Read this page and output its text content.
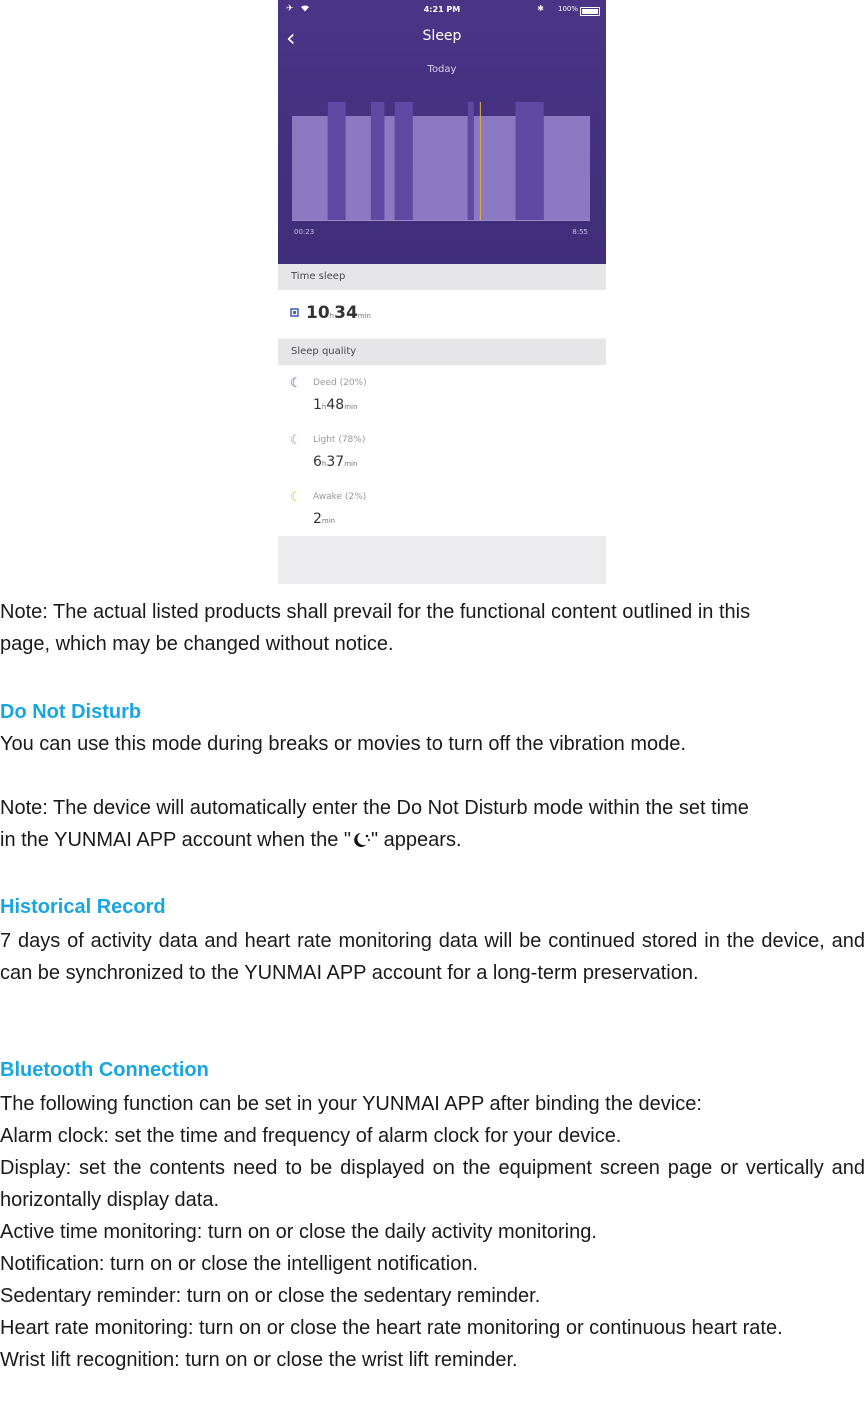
✈	4:21 PM	✱ 100%
‹	Sleep
Today
00:23	8:55
Time sleep
10h34min
Sleep quality
☾ Deed (20%)
1h48min
☾ Light (78%)
6h37min
☾ Awake (2%)
2min

Note: The actual listed products shall prevail for the functional content outlined in this
page, which may be changed without notice.

Do Not Disturb

You can use this mode during breaks or movies to turn off the vibration mode.

Note: The device will automatically enter the Do Not Disturb mode within the set time
in the YUNMAI APP account when the " " appears.

Historical Record

7 days of activity data and heart rate monitoring data will be continued stored in the device, and can be synchronized to the YUNMAI APP account for a long-term preservation.

Bluetooth Connection
The following function can be set in your YUNMAI APP after binding the device:
Alarm clock: set the time and frequency of alarm clock for your device.
Display: set the contents need to be displayed on the equipment screen page or vertically and horizontally display data.
Active time monitoring: turn on or close the daily activity monitoring.
Notification: turn on or close the intelligent notification.
Sedentary reminder: turn on or close the sedentary reminder.
Heart rate monitoring: turn on or close the heart rate monitoring or continuous heart rate.
Wrist lift recognition: turn on or close the wrist lift reminder.
